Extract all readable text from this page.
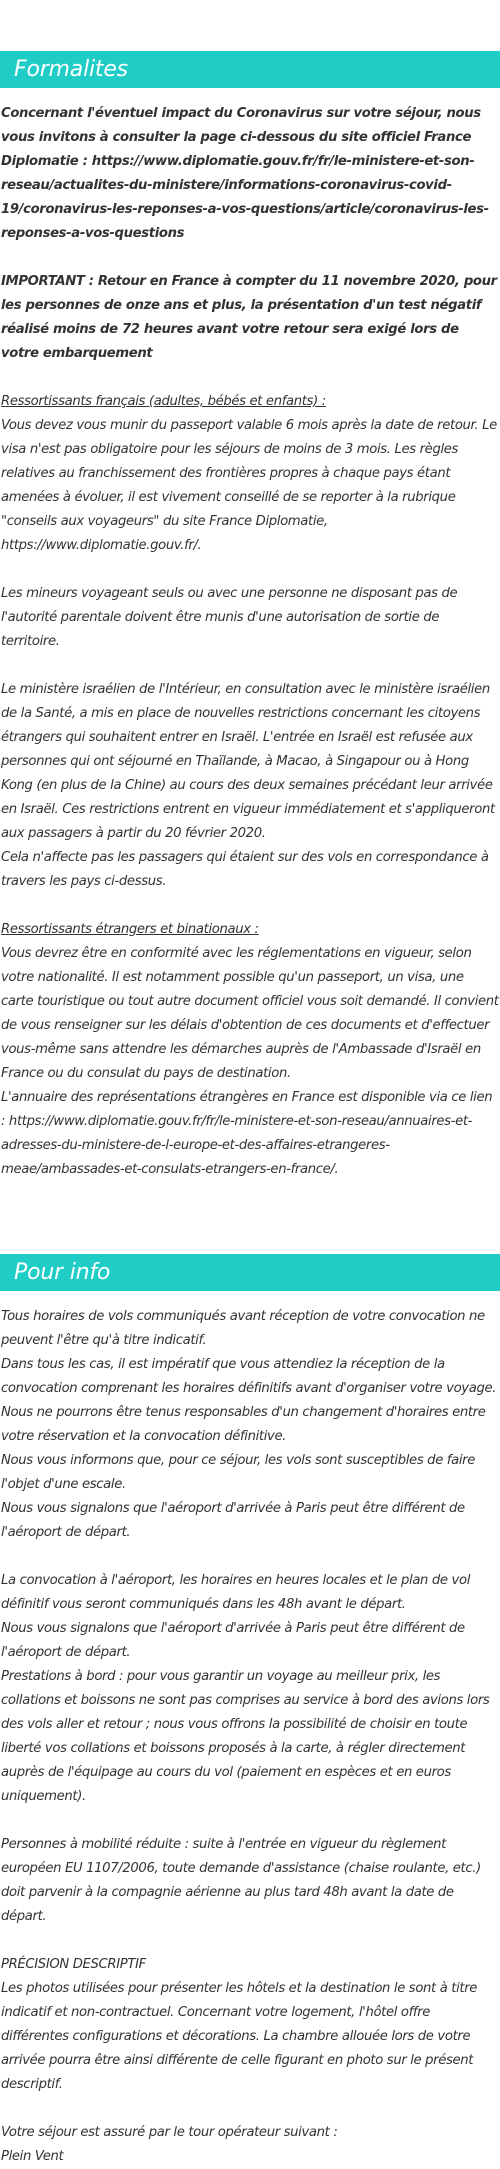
Formalites

Concernant l'éventuel impact du Coronavirus sur votre séjour, nous vous invitons à consulter la page ci-dessous du site officiel France Diplomatie : https://www.diplomatie.gouv.fr/fr/le-ministere-et-son-reseau/actualites-du-ministere/informations-coronavirus-covid-19/coronavirus-les-reponses-a-vos-questions/article/coronavirus-les-reponses-a-vos-questions

IMPORTANT : Retour en France à compter du 11 novembre 2020, pour les personnes de onze ans et plus, la présentation d'un test négatif réalisé moins de 72 heures avant votre retour sera exigé lors de votre embarquement

Ressortissants français (adultes, bébés et enfants) :

Vous devez vous munir du passeport valable 6 mois après la date de retour. Le visa n'est pas obligatoire pour les séjours de moins de 3 mois. Les règles relatives au franchissement des frontières propres à chaque pays étant amenées à évoluer, il est vivement conseillé de se reporter à la rubrique "conseils aux voyageurs" du site France Diplomatie, https://www.diplomatie.gouv.fr/.

Les mineurs voyageant seuls ou avec une personne ne disposant pas de l'autorité parentale doivent être munis d'une autorisation de sortie de territoire.

Le ministère israélien de l'Intérieur, en consultation avec le ministère israélien de la Santé, a mis en place de nouvelles restrictions concernant les citoyens étrangers qui souhaitent entrer en Israël. L'entrée en Israël est refusée aux personnes qui ont séjourné en Thaïlande, à Macao, à Singapour ou à Hong Kong (en plus de la Chine) au cours des deux semaines précédant leur arrivée en Israël. Ces restrictions entrent en vigueur immédiatement et s'appliqueront aux passagers à partir du 20 février 2020.

Cela n'affecte pas les passagers qui étaient sur des vols en correspondance à travers les pays ci-dessus.

Ressortissants étrangers et binationaux :

Vous devrez être en conformité avec les réglementations en vigueur, selon votre nationalité. Il est notamment possible qu'un passeport, un visa, une carte touristique ou tout autre document officiel vous soit demandé. Il convient de vous renseigner sur les délais d'obtention de ces documents et d'effectuer vous-même sans attendre les démarches auprès de l'Ambassade d'Israël en France ou du consulat du pays de destination.

L'annuaire des représentations étrangères en France est disponible via ce lien : https://www.diplomatie.gouv.fr/fr/le-ministere-et-son-reseau/annuaires-et-adresses-du-ministere-de-l-europe-et-des-affaires-etrangeres-meae/ambassades-et-consulats-etrangers-en-france/.

Pour info

Tous horaires de vols communiqués avant réception de votre convocation ne peuvent l'être qu'à titre indicatif.

Dans tous les cas, il est impératif que vous attendiez la réception de la convocation comprenant les horaires définitifs avant d'organiser votre voyage.

Nous ne pourrons être tenus responsables d'un changement d'horaires entre votre réservation et la convocation définitive.

Nous vous informons que, pour ce séjour, les vols sont susceptibles de faire l'objet d'une escale.

Nous vous signalons que l'aéroport d'arrivée à Paris peut être différent de l'aéroport de départ.

La convocation à l'aéroport, les horaires en heures locales et le plan de vol définitif vous seront communiqués dans les 48h avant le départ.

Nous vous signalons que l'aéroport d'arrivée à Paris peut être différent de l'aéroport de départ.

Prestations à bord : pour vous garantir un voyage au meilleur prix, les collations et boissons ne sont pas comprises au service à bord des avions lors des vols aller et retour ; nous vous offrons la possibilité de choisir en toute liberté vos collations et boissons proposés à la carte, à régler directement auprès de l'équipage au cours du vol (paiement en espèces et en euros uniquement).

Personnes à mobilité réduite : suite à l'entrée en vigueur du règlement européen EU 1107/2006, toute demande d'assistance (chaise roulante, etc.) doit parvenir à la compagnie aérienne au plus tard 48h avant la date de départ.

PRÉCISION DESCRIPTIF

Les photos utilisées pour présenter les hôtels et la destination le sont à titre indicatif et non-contractuel. Concernant votre logement, l'hôtel offre différentes configurations et décorations. La chambre allouée lors de votre arrivée pourra être ainsi différente de celle figurant en photo sur le présent descriptif.

Votre séjour est assuré par le tour opérateur suivant :

Plein Vent
